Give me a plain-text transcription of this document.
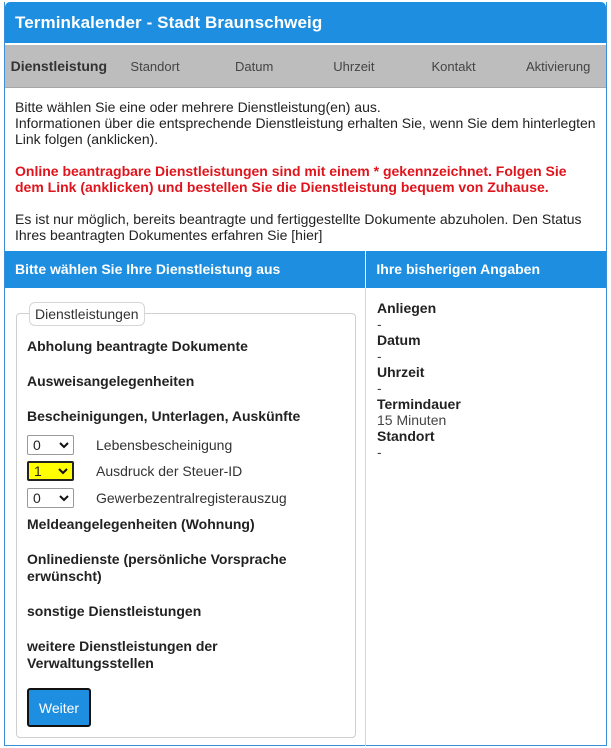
Terminkalender - Stadt Braunschweig
Dienstleistung	Standort	Datum	Uhrzeit	Kontakt	Aktivierung

Bitte wählen Sie eine oder mehrere Dienstleistung(en) aus.
Informationen über die entsprechende Dienstleistung erhalten Sie, wenn Sie dem hinterlegten Link folgen (anklicken).

Online beantragbare Dienstleistungen sind mit einem * gekennzeichnet. Folgen Sie dem Link (anklicken) und bestellen Sie die Dienstleistung bequem von Zuhause.

Es ist nur möglich, bereits beantragte und fertiggestellte Dokumente abzuholen. Den Status Ihres beantragten Dokumentes erfahren Sie [hier]

Bitte wählen Sie Ihre Dienstleistung aus	Ihre bisherigen Angaben
Dienstleistungen
Abholung beantragte Dokumente
Ausweisangelegenheiten
Bescheinigungen, Unterlagen, Auskünfte
0	Lebensbescheinigung
1	Ausdruck der Steuer-ID
0	Gewerbezentralregisterauszug
Meldeangelegenheiten (Wohnung)
Onlinedienste (persönliche Vorsprache erwünscht)
sonstige Dienstleistungen
weitere Dienstleistungen der Verwaltungsstellen
Weiter
Anliegen
-
Datum
-
Uhrzeit
-
Termindauer
15 Minuten
Standort
-
